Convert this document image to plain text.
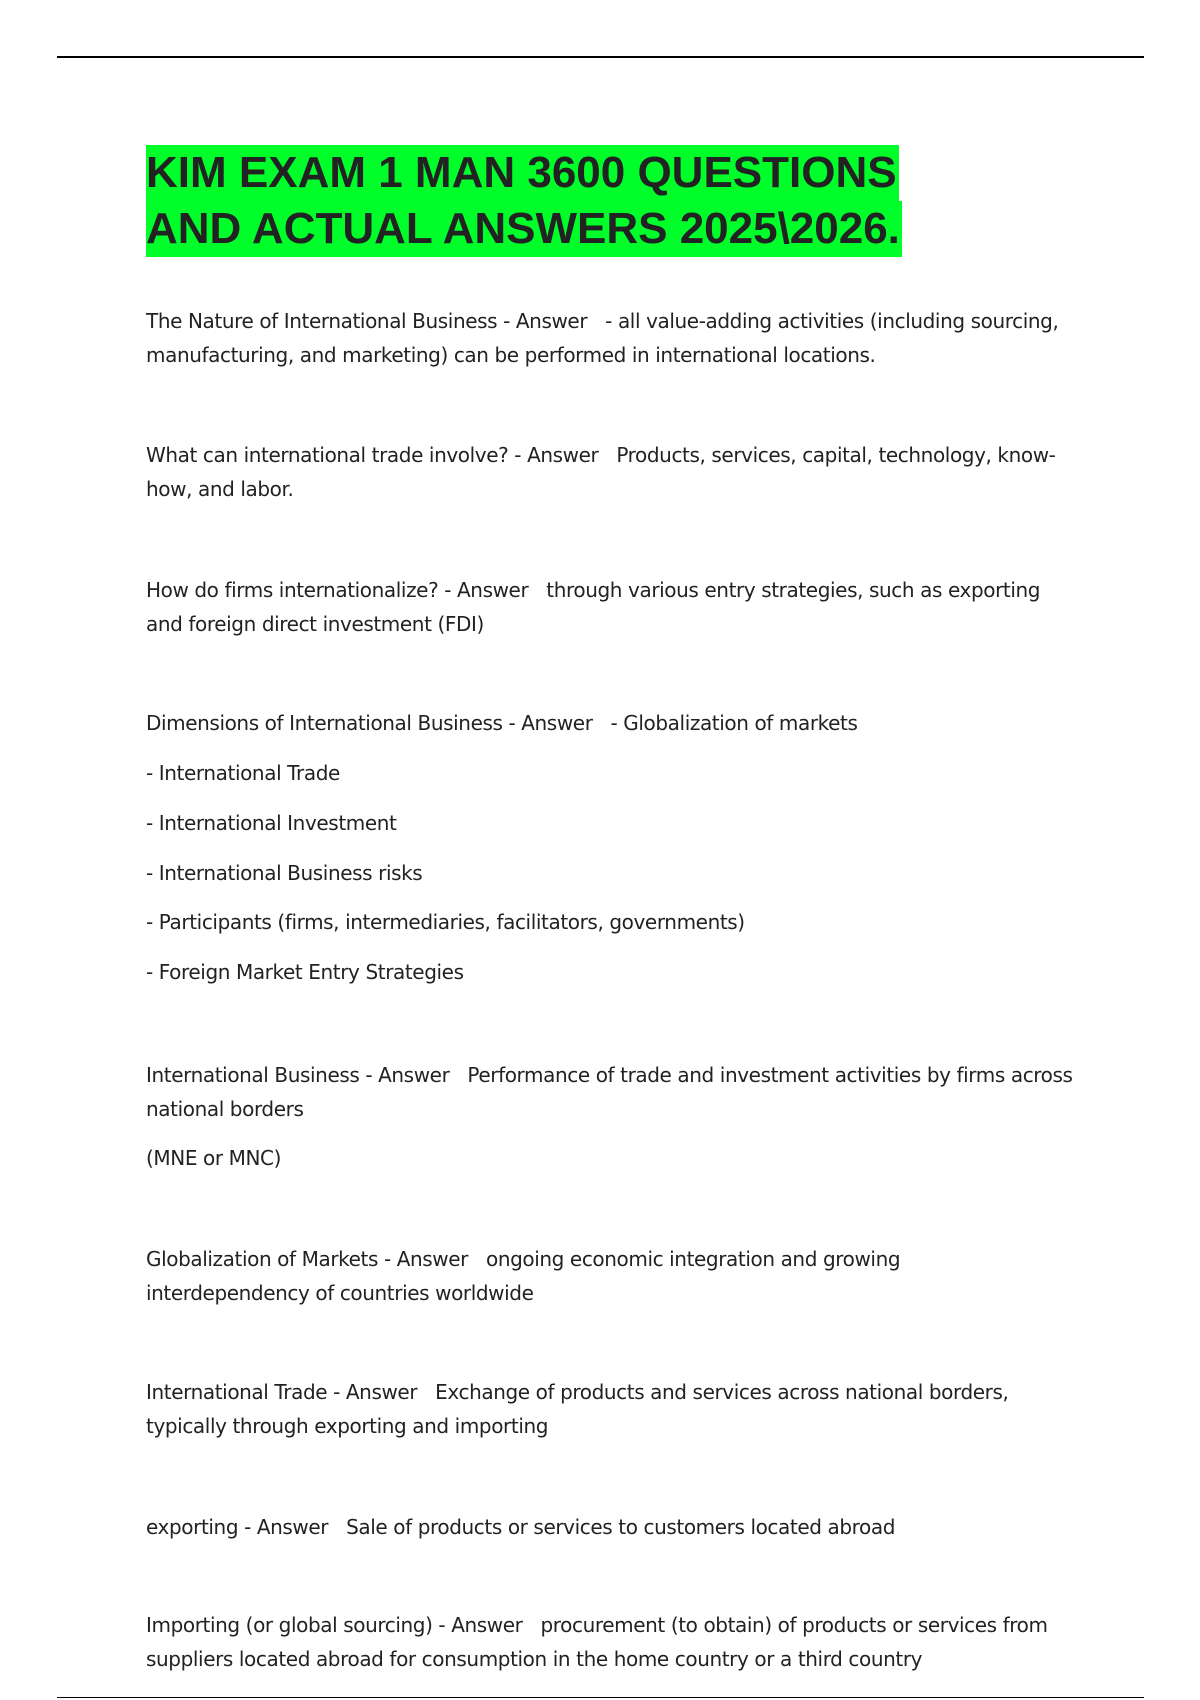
KIM EXAM 1 MAN 3600 QUESTIONS
AND ACTUAL ANSWERS 2025\2026.
The Nature of International Business - Answer - all value-adding activities (including sourcing,
manufacturing, and marketing) can be performed in international locations.
What can international trade involve? - Answer Products, services, capital, technology, know-
how, and labor.
How do firms internationalize? - Answer through various entry strategies, such as exporting
and foreign direct investment (FDI)
Dimensions of International Business - Answer - Globalization of markets
- International Trade
- International Investment
- International Business risks
- Participants (firms, intermediaries, facilitators, governments)
- Foreign Market Entry Strategies
International Business - Answer Performance of trade and investment activities by firms across
national borders
(MNE or MNC)
Globalization of Markets - Answer ongoing economic integration and growing
interdependency of countries worldwide
International Trade - Answer Exchange of products and services across national borders,
typically through exporting and importing
exporting - Answer Sale of products or services to customers located abroad
Importing (or global sourcing) - Answer procurement (to obtain) of products or services from
suppliers located abroad for consumption in the home country or a third country
